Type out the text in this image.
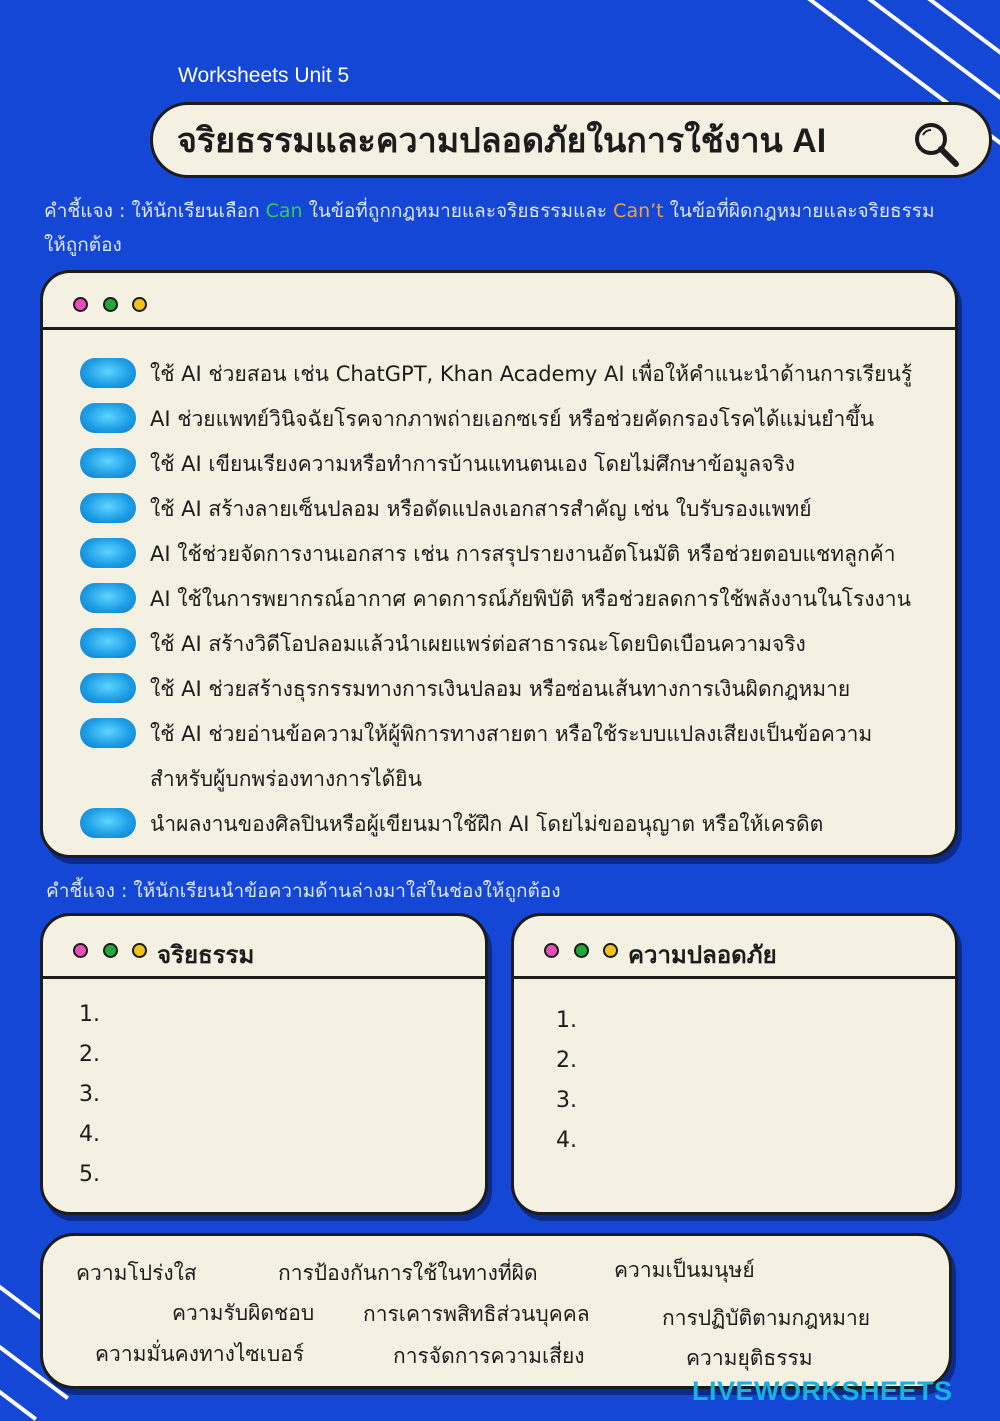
Worksheets Unit 5
จริยธรรมและความปลอดภัยในการใช้งาน AI
คำชี้แจง : ให้นักเรียนเลือก Can ในข้อที่ถูกกฎหมายและจริยธรรมและ Can’t ในข้อที่ผิดกฎหมายและจริยธรรม
ให้ถูกต้อง
ใช้ AI ช่วยสอน เช่น ChatGPT, Khan Academy AI เพื่อให้คำแนะนำด้านการเรียนรู้
AI ช่วยแพทย์วินิจฉัยโรคจากภาพถ่ายเอกซเรย์ หรือช่วยคัดกรองโรคได้แม่นยำขึ้น
ใช้ AI เขียนเรียงความหรือทำการบ้านแทนตนเอง โดยไม่ศึกษาข้อมูลจริง
ใช้ AI สร้างลายเซ็นปลอม หรือดัดแปลงเอกสารสำคัญ เช่น ใบรับรองแพทย์
AI ใช้ช่วยจัดการงานเอกสาร เช่น การสรุปรายงานอัตโนมัติ หรือช่วยตอบแชทลูกค้า
AI ใช้ในการพยากรณ์อากาศ คาดการณ์ภัยพิบัติ หรือช่วยลดการใช้พลังงานในโรงงาน
ใช้ AI สร้างวิดีโอปลอมแล้วนำเผยแพร่ต่อสาธารณะโดยบิดเบือนความจริง
ใช้ AI ช่วยสร้างธุรกรรมทางการเงินปลอม หรือซ่อนเส้นทางการเงินผิดกฎหมาย
ใช้ AI ช่วยอ่านข้อความให้ผู้พิการทางสายตา หรือใช้ระบบแปลงเสียงเป็นข้อความ
สำหรับผู้บกพร่องทางการได้ยิน
นำผลงานของศิลปินหรือผู้เขียนมาใช้ฝึก AI โดยไม่ขออนุญาต หรือให้เครดิต
คำชี้แจง : ให้นักเรียนนำข้อความด้านล่างมาใส่ในช่องให้ถูกต้อง
จริยธรรม
1.
2.
3.
4.
5.
ความปลอดภัย
1.
2.
3.
4.
ความโปร่งใส	การป้องกันการใช้ในทางที่ผิด	ความเป็นมนุษย์
ความรับผิดชอบ การเคารพสิทธิส่วนบุคคล	การปฏิบัติตามกฎหมาย
ความมั่นคงทางไซเบอร์	การจัดการความเสี่ยง	ความยุติธรรม
LIVEWORKSHEETS
